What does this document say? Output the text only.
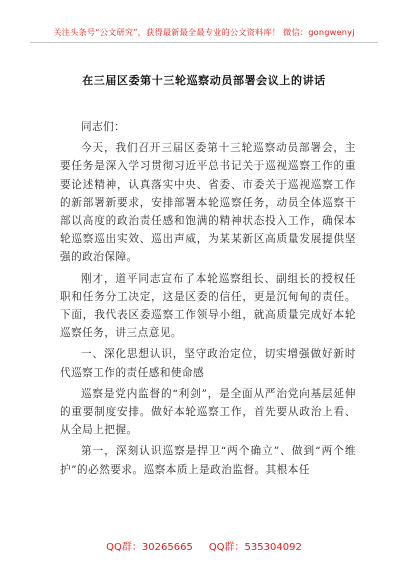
关注头条号“公文研究”，获得最新最全最专业的公文资料库！ 微信：gongwenyj
在三届区委第十三轮巡察动员部署会议上的讲话
同志们：

今天，我们召开三届区委第十三轮巡察动员部署会，主要任务是深入学习贯彻习近平总书记关于巡视巡察工作的重要论述精神，认真落实中央、省委、市委关于巡视巡察工作的新部署新要求，安排部署本轮巡察任务，动员全体巡察干部以高度的政治责任感和饱满的精神状态投入工作，确保本轮巡察巡出实效、巡出声威，为某某新区高质量发展提供坚强的政治保障。

刚才，道平同志宣布了本轮巡察组长、副组长的授权任职和任务分工决定，这是区委的信任，更是沉甸甸的责任。下面，我代表区委巡察工作领导小组，就高质量完成好本轮巡察任务，讲三点意见。

一、深化思想认识，坚守政治定位，切实增强做好新时代巡察工作的责任感和使命感

巡察是党内监督的“利剑”，是全面从严治党向基层延伸的重要制度安排。做好本轮巡察工作，首先要从政治上看、从全局上把握。

第一，深刻认识巡察是捍卫“两个确立”、做到“两个维护”的必然要求。巡察本质上是政治监督。其根本任

QQ群：30265665 QQ群：535304092
